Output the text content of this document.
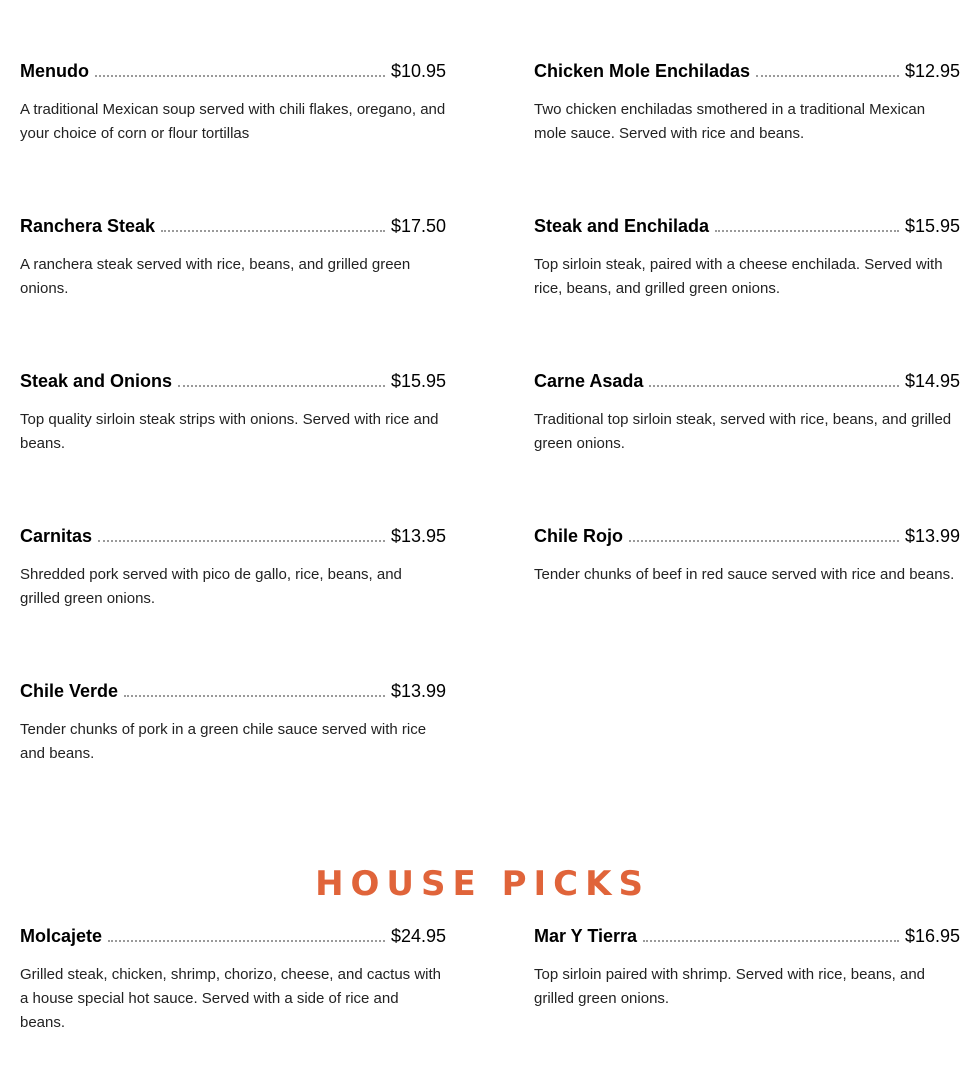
Menudo	$10.95

A traditional Mexican soup served with chili flakes, oregano, and your choice of corn or flour tortillas

Chicken Mole Enchiladas	$12.95

Two chicken enchiladas smothered in a traditional Mexican mole sauce. Served with rice and beans.

Ranchera Steak	$17.50

A ranchera steak served with rice, beans, and grilled green onions.

Steak and Enchilada	$15.95

Top sirloin steak, paired with a cheese enchilada. Served with rice, beans, and grilled green onions.

Steak and Onions	$15.95

Top quality sirloin steak strips with onions. Served with rice and beans.

Carne Asada	$14.95

Traditional top sirloin steak, served with rice, beans, and grilled green onions.

Carnitas	$13.95

Shredded pork served with pico de gallo, rice, beans, and grilled green onions.

Chile Rojo	$13.99

Tender chunks of beef in red sauce served with rice and beans.

Chile Verde	$13.99

Tender chunks of pork in a green chile sauce served with rice and beans.

HOUSE PICKS
Molcajete	$24.95

Grilled steak, chicken, shrimp, chorizo, cheese, and cactus with a house special hot sauce. Served with a side of rice and beans.

Mar Y Tierra	$16.95

Top sirloin paired with shrimp. Served with rice, beans, and grilled green onions.
